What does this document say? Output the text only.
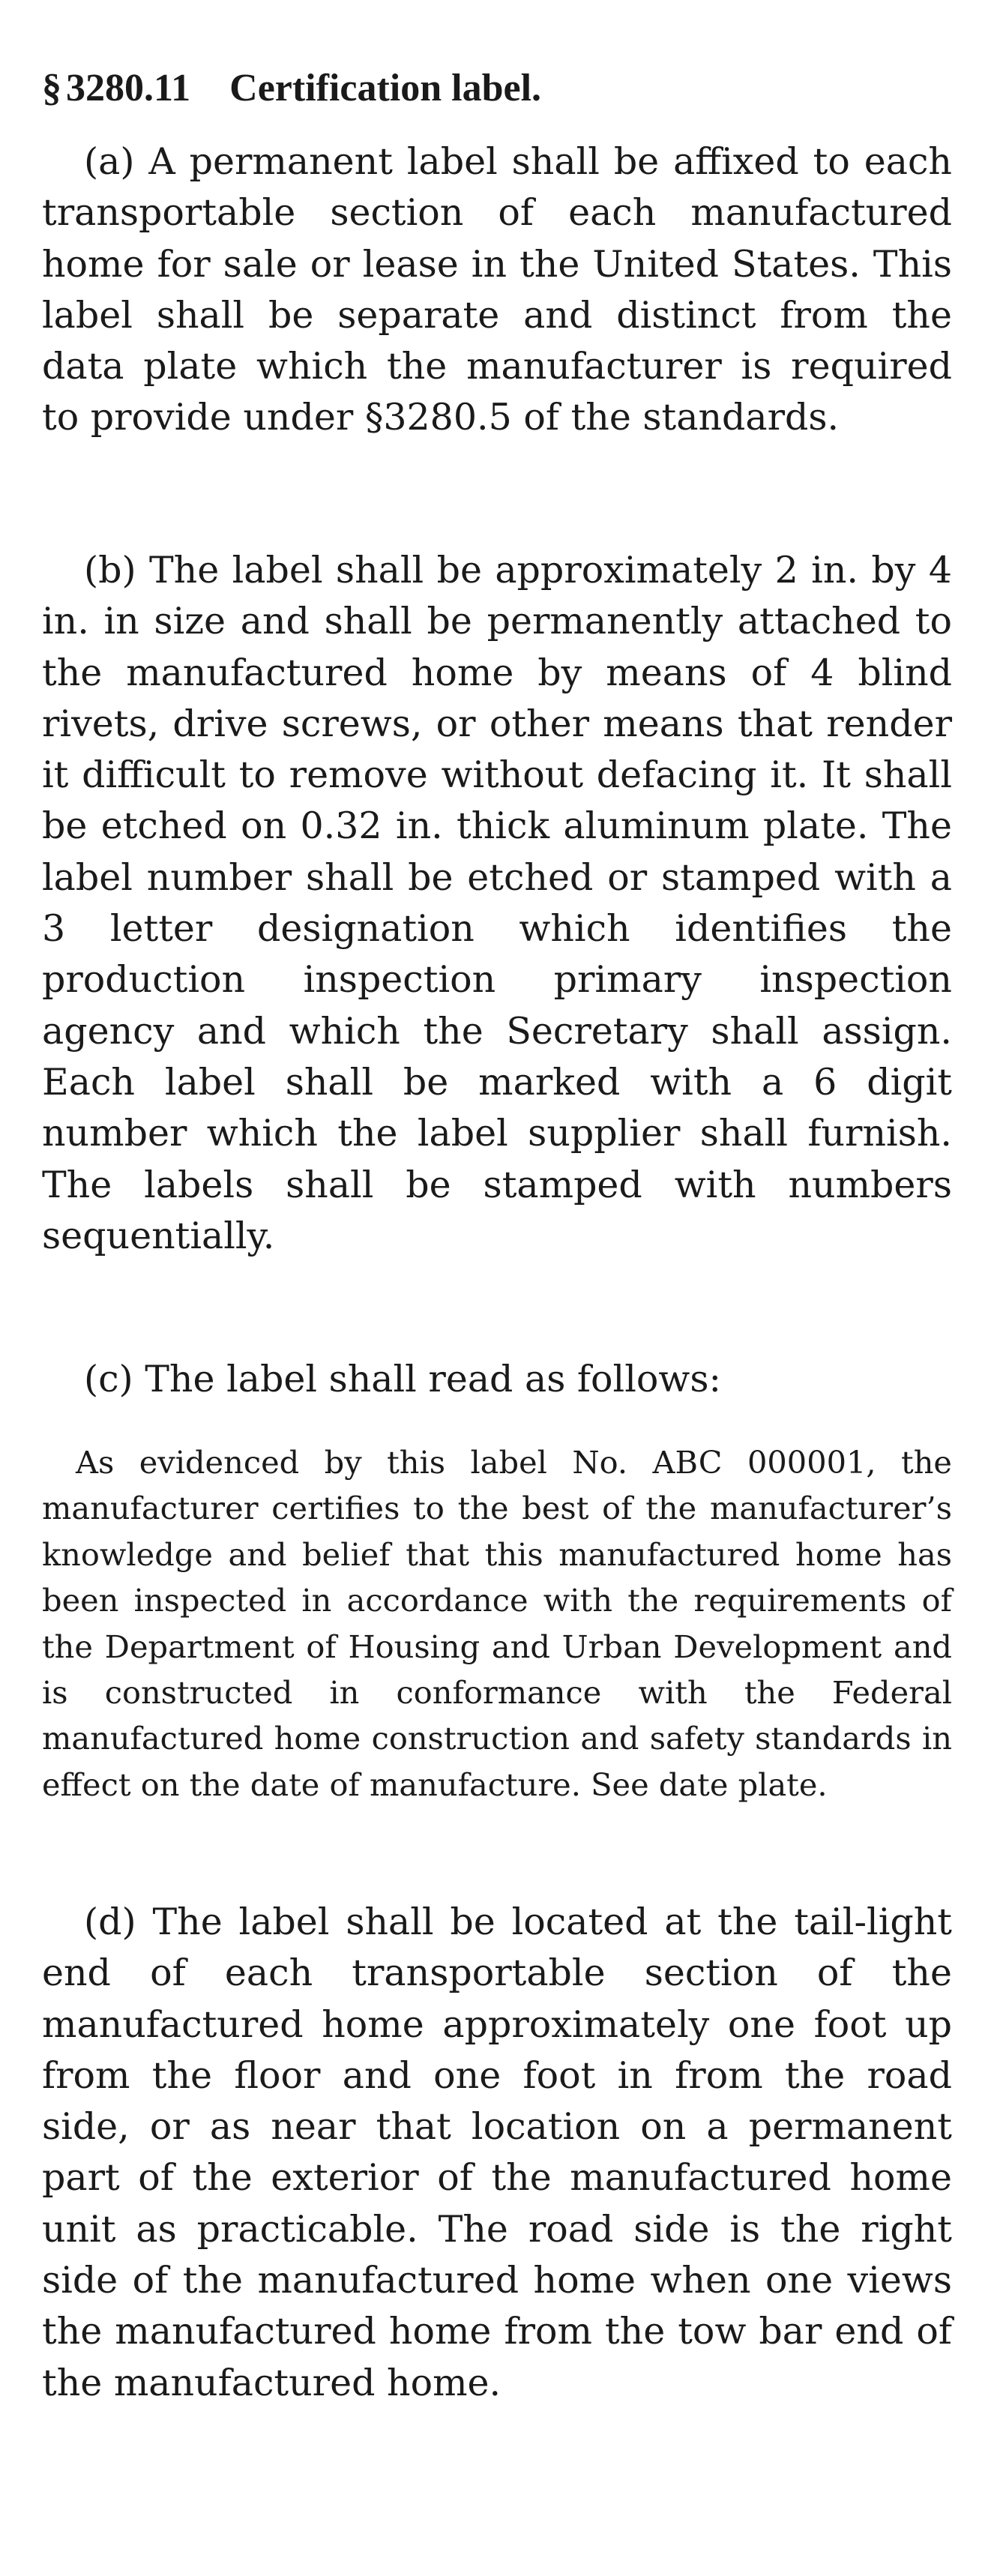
§ 3280.11 Certification label.

(a) A permanent label shall be affixed to each transportable section of each manufactured home for sale or lease in the United States. This label shall be separate and distinct from the data plate which the manufacturer is required to provide under §3280.5 of the standards.

(b) The label shall be approximately 2 in. by 4 in. in size and shall be permanently attached to the manufactured home by means of 4 blind rivets, drive screws, or other means that render it difficult to remove without defacing it. It shall be etched on 0.32 in. thick aluminum plate. The label number shall be etched or stamped with a 3 letter designation which identifies the production inspection primary inspection agency and which the Secretary shall assign. Each label shall be marked with a 6 digit number which the label supplier shall furnish. The labels shall be stamped with numbers sequentially.

(c) The label shall read as follows:

As evidenced by this label No. ABC 000001, the manufacturer certifies to the best of the manufacturer’s knowledge and belief that this manufactured home has been inspected in accordance with the requirements of the Department of Housing and Urban Development and is constructed in conformance with the Federal manufactured home construction and safety standards in effect on the date of manufacture. See date plate.

(d) The label shall be located at the tail-light end of each transportable section of the manufactured home approximately one foot up from the floor and one foot in from the road side, or as near that location on a permanent part of the exterior of the manufactured home unit as practicable. The road side is the right side of the manufactured home when one views the manufactured home from the tow bar end of the manufactured home.
